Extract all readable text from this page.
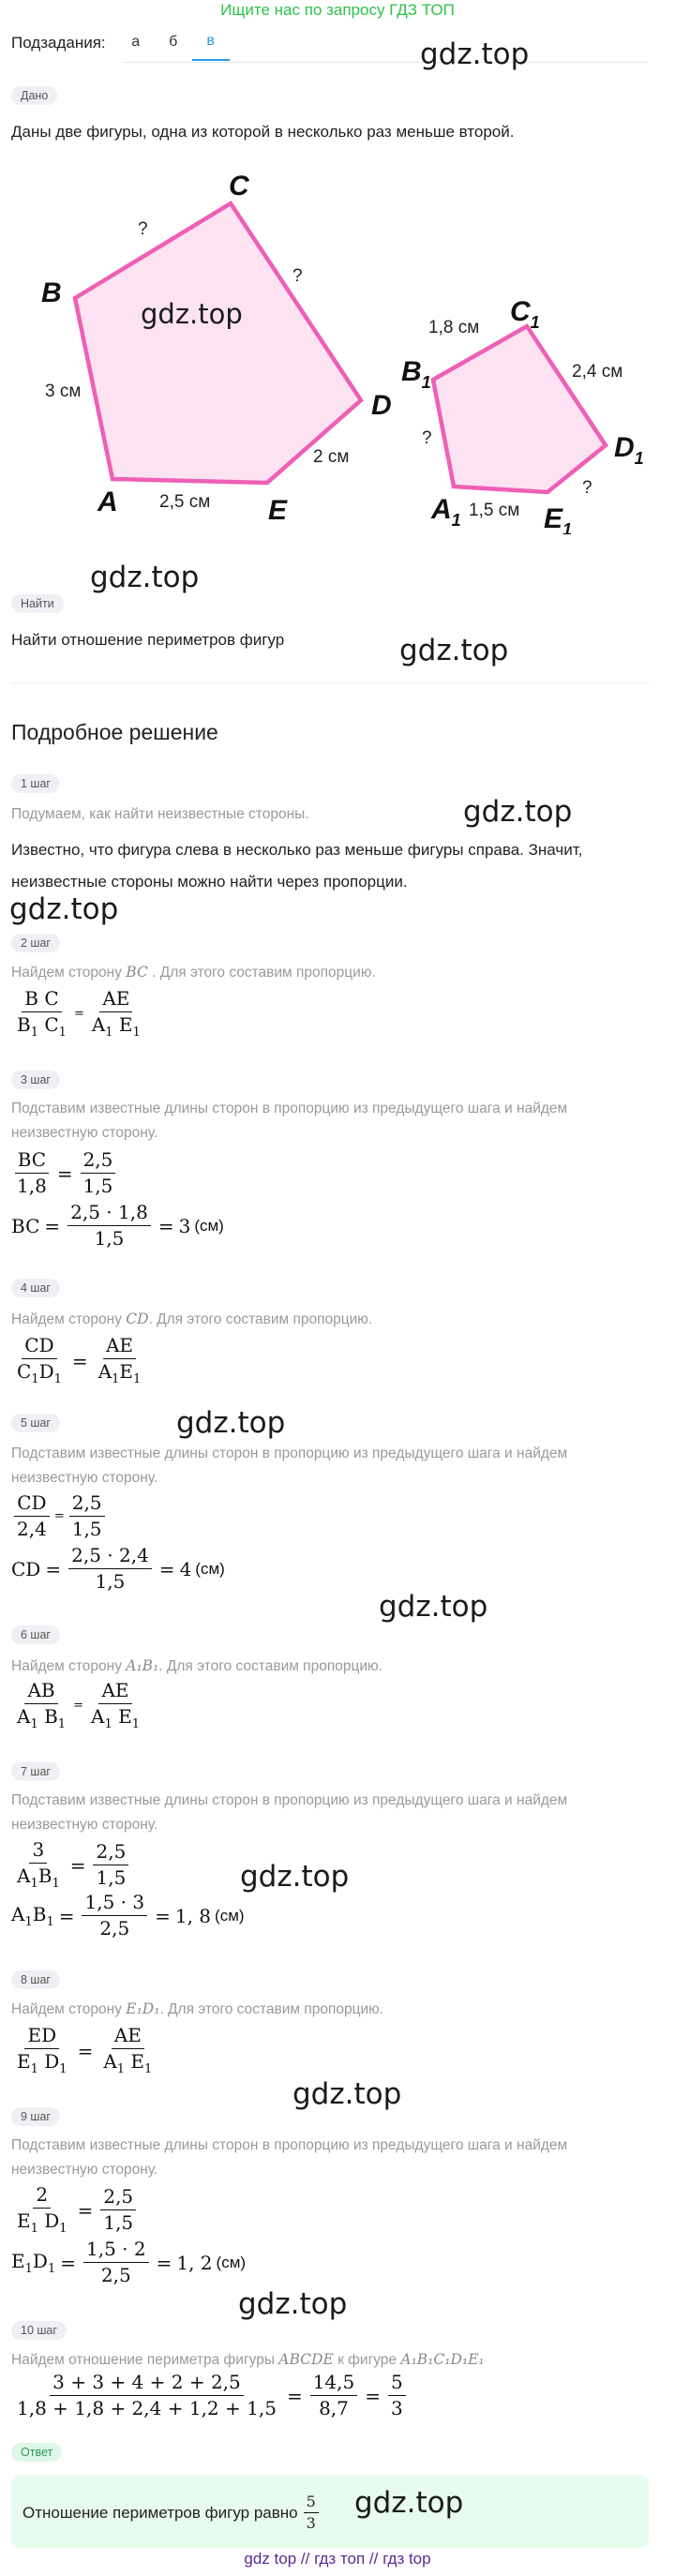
Ищите нас по запросу ГДЗ ТОП
Подзадания:	а	б	в
Дано
Даны две фигуры, одна из которой в несколько раз меньше второй.
B
C
D
E
A
$B_1$
$C_1$
$D_1$
$E_1$
$A_1$
?
?
3 см
2,5 см
2 см
1,8 см
2,4 см
?
1,5 см
?
gdz.top
gdz.top
gdz.top
Найти
Найти отношение периметров фигур	gdz.top
Подробное решение
1 шаг
Подумаем, как найти неизвестные стороны.	gdz.top
Известно, что фигура слева в несколько раз меньше фигуры справа. Значит,
неизвестные стороны можно найти через пропорции.
gdz.top
2 шаг
Найдем сторону BC . Для этого составим пропорцию.
$\frac{\text{B C}}{B_1 C_1} = \frac{AE}{A_1 E_1}$
3 шаг
Подставим известные длины сторон в пропорцию из предыдущего шага и найдем
неизвестную сторону.
$\frac{BC}{1,8} = \frac{2,5}{1,5}$
BC = $\frac{2,5 \cdot 1,8}{1,5} = 3$ (см)
4 шаг
Найдем сторону CD. Для этого составим пропорцию.
$\frac{CD}{C_1D_1} = \frac{AE}{A_1E_1}$
gdz.top
5 шаг
Подставим известные длины сторон в пропорцию из предыдущего шага и найдем
неизвестную сторону.
$\frac{CD}{2,4} = \frac{2,5}{1,5}$
CD = $\frac{2,5 \cdot 2,4}{1,5} = 4$ (см)
gdz.top
6 шаг
Найдем сторону A₁B₁. Для этого составим пропорцию.
$\frac{AB}{A_1 B_1} = \frac{AE}{A_1 E_1}$
7 шаг
Подставим известные длины сторон в пропорцию из предыдущего шага и найдем
неизвестную сторону.
$\frac{3}{A_1B_1} = \frac{2,5}{1,5}$	gdz.top
$A_1B_1 = \frac{1,5 \cdot 3}{2,5} = 1$, 8 (см)
8 шаг
Найдем сторону E₁D₁. Для этого составим пропорцию.
$\frac{ED}{E_1 D_1} = \frac{AE}{A_1 E_1}$
gdz.top
9 шаг
Подставим известные длины сторон в пропорцию из предыдущего шага и найдем
неизвестную сторону.
$\frac{2}{E_1 D_1} = \frac{2,5}{1,5}$
$E_1D_1 = \frac{1,5 \cdot 2}{2,5} = 1$, 2 (см)
gdz.top
10 шаг
Найдем отношение периметра фигуры ABCDE к фигуре A₁B₁C₁D₁E₁
$\frac{3 + 3 + 4 + 2 + 2,5}{1,8 + 1,8 + 2,4 + 1,2 + 1,5} = \frac{14,5}{8,7} = \frac{5}{3}$
Ответ
Отношение периметров фигур равно $\frac{5}{3} gdz.top$
gdz top // гдз топ // гдз top
